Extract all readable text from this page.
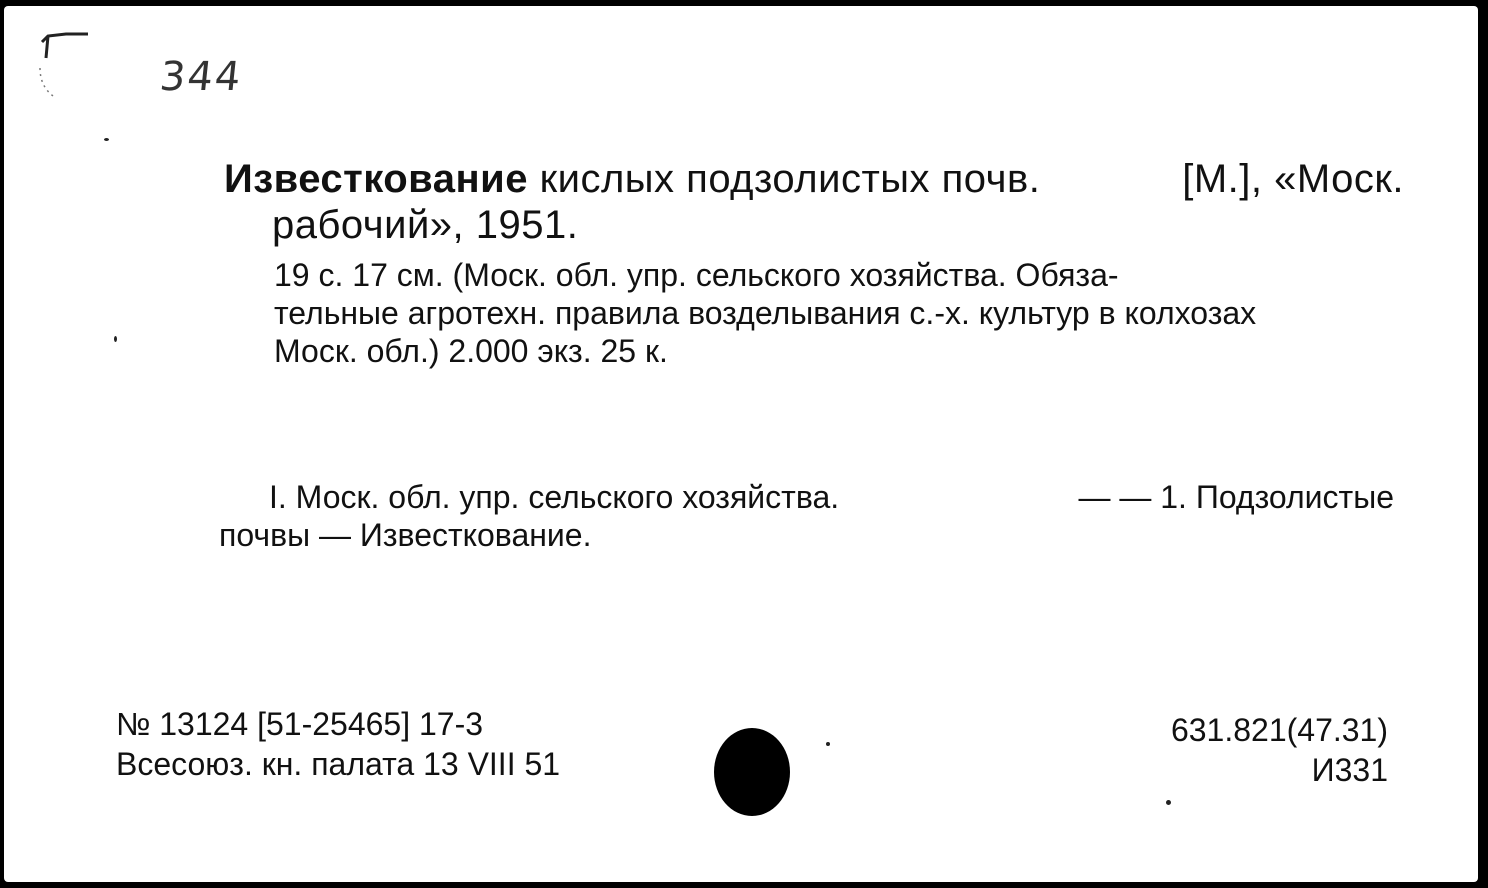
344
Известкование кислых подзолистых почв.	[М.], «Моск.
рабочий», 1951.
19 с. 17 см. (Моск. обл. упр. сельского хозяйства. Обяза-
тельные агротехн. правила возделывания с.-х. культур в колхозах
Моск. обл.) 2.000 экз. 25 к.
I. Моск. обл. упр. сельского хозяйства.	— — 1. Подзолистые
почвы — Известкование.
№ 13124 [51-25465] 17-3
Всесоюз. кн. палата 13 VIII 51
631.821(47.31)
И331
